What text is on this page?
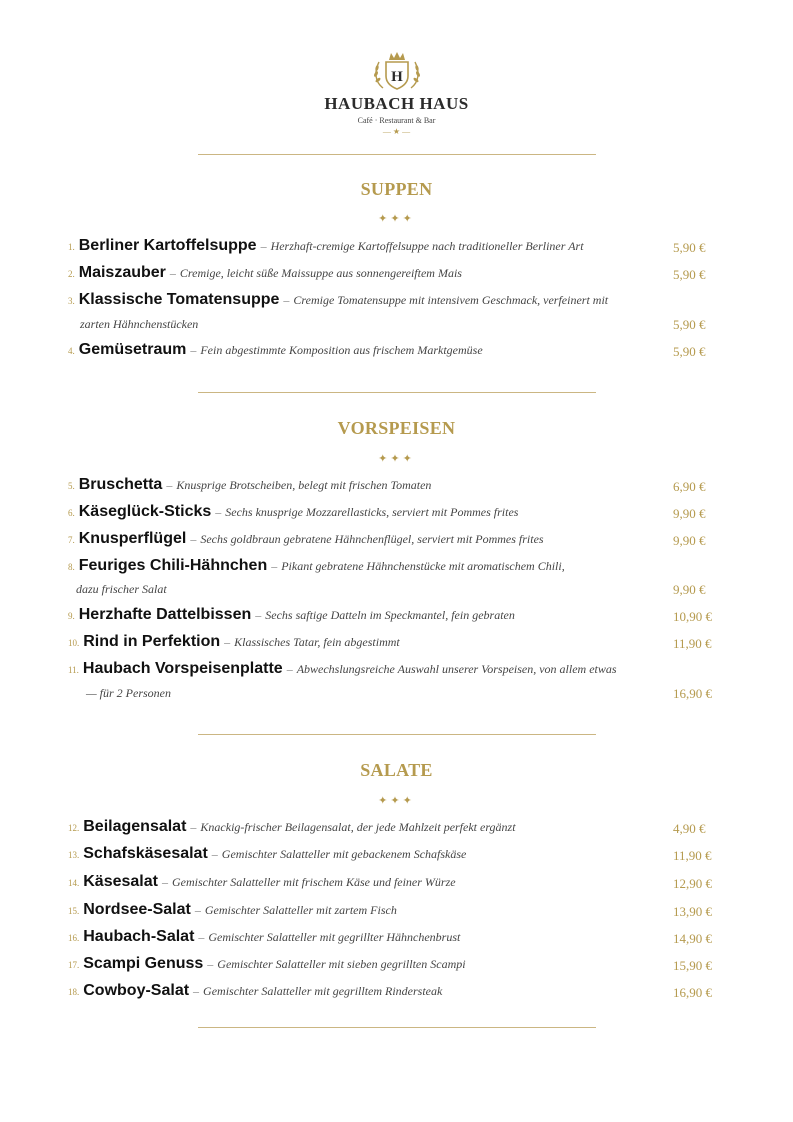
H
HAUBACH HAUS
Café · Restaurant & Bar
— ★ —
SUPPEN
✦✦✦
1. Berliner Kartoffelsuppe – Herzhaft-cremige Kartoffelsuppe nach traditioneller Berliner Art	5,90 €
2. Maiszauber – Cremige, leicht süße Maissuppe aus sonnengereiftem Mais	5,90 €
3. Klassische Tomatensuppe – Cremige Tomatensuppe mit intensivem Geschmack, verfeinert mit
zarten Hähnchenstücken	5,90 €
4. Gemüsetraum – Fein abgestimmte Komposition aus frischem Marktgemüse	5,90 €
VORSPEISEN
✦✦✦
5. Bruschetta – Knusprige Brotscheiben, belegt mit frischen Tomaten	6,90 €
6. Käseglück-Sticks – Sechs knusprige Mozzarellasticks, serviert mit Pommes frites	9,90 €
7. Knusperflügel – Sechs goldbraun gebratene Hähnchenflügel, serviert mit Pommes frites	9,90 €
8. Feuriges Chili-Hähnchen – Pikant gebratene Hähnchenstücke mit aromatischem Chili,
dazu frischer Salat	9,90 €
9. Herzhafte Dattelbissen – Sechs saftige Datteln im Speckmantel, fein gebraten	10,90 €
10. Rind in Perfektion – Klassisches Tatar, fein abgestimmt	11,90 €
11. Haubach Vorspeisenplatte – Abwechslungsreiche Auswahl unserer Vorspeisen, von allem etwas
— für 2 Personen	16,90 €
SALATE
✦✦✦
12. Beilagensalat – Knackig-frischer Beilagensalat, der jede Mahlzeit perfekt ergänzt	4,90 €
13. Schafskäsesalat – Gemischter Salatteller mit gebackenem Schafskäse	11,90 €
14. Käsesalat – Gemischter Salatteller mit frischem Käse und feiner Würze	12,90 €
15. Nordsee-Salat – Gemischter Salatteller mit zartem Fisch	13,90 €
16. Haubach-Salat – Gemischter Salatteller mit gegrillter Hähnchenbrust	14,90 €
17. Scampi Genuss – Gemischter Salatteller mit sieben gegrillten Scampi	15,90 €
18. Cowboy-Salat – Gemischter Salatteller mit gegrilltem Rindersteak	16,90 €
